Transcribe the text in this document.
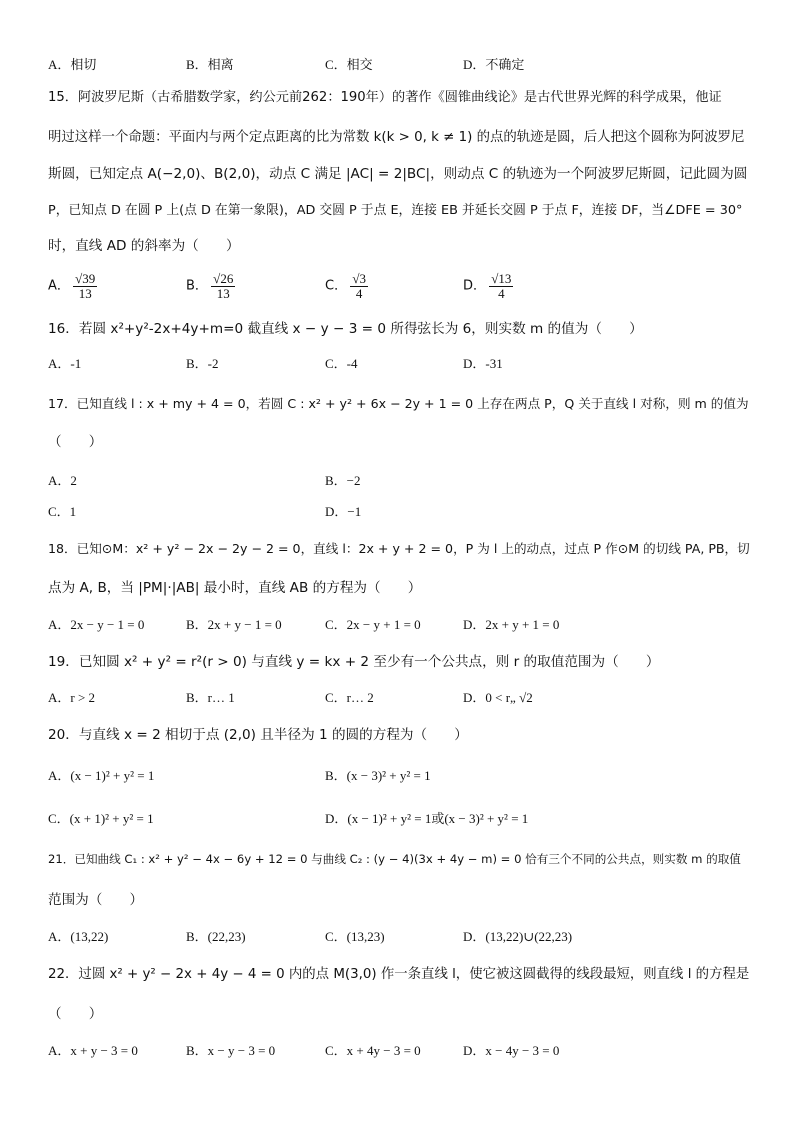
A．相切	B．相离	C．相交	D．不确定
15．阿波罗尼斯（古希腊数学家，约公元前262：190年）的著作《圆锥曲线论》是古代世界光辉的科学成果，他证
明过这样一个命题：平面内与两个定点距离的比为常数 k(k > 0, k ≠ 1) 的点的轨迹是圆，后人把这个圆称为阿波罗尼
斯圆，已知定点 A(−2,0)、B(2,0)，动点 C 满足 |AC| = 2|BC|，则动点 C 的轨迹为一个阿波罗尼斯圆，记此圆为圆
P，已知点 D 在圆 P 上(点 D 在第一象限)，AD 交圆 P 于点 E，连接 EB 并延长交圆 P 于点 F，连接 DF，当∠DFE = 30°
时，直线 AD 的斜率为（　　）
A． √ $\frac{39}{13}$	B． √ $\frac{26}{13}$	C． √ $\frac{3}{4}$	D． √ $\frac{13}{4}$
16．若圆 x²+y²-2x+4y+m=0 截直线 x − y − 3 = 0 所得弦长为 6，则实数 m 的值为（　　）
A．-1	B．-2	C．-4	D．-31
17．已知直线 l : x + my + 4 = 0，若圆 C : x² + y² + 6x − 2y + 1 = 0 上存在两点 P，Q 关于直线 l 对称，则 m 的值为
（　　）
A．2	B．−2
C．1	D．−1
18．已知⊙M：x² + y² − 2x − 2y − 2 = 0，直线 l：2x + y + 2 = 0，P 为 l 上的动点，过点 P 作⊙M 的切线 PA, PB，切
点为 A, B，当 |PM|·|AB| 最小时，直线 AB 的方程为（　　）
A．2x − y − 1 = 0	B．2x + y − 1 = 0	C．2x − y + 1 = 0	D．2x + y + 1 = 0
19．已知圆 x² + y² = r²(r > 0) 与直线 y = kx + 2 至少有一个公共点，则 r 的取值范围为（　　）
A．r > 2	B．r… 1	C．r… 2	D．0 < r„ √2
20．与直线 x = 2 相切于点 (2,0) 且半径为 1 的圆的方程为（　　）
A．(x − 1)² + y² = 1	B．(x − 3)² + y² = 1
C．(x + 1)² + y² = 1	D．(x − 1)² + y² = 1或(x − 3)² + y² = 1
21．已知曲线 C₁ : x² + y² − 4x − 6y + 12 = 0 与曲线 C₂ : (y − 4)(3x + 4y − m) = 0 恰有三个不同的公共点，则实数 m 的取值
范围为（　　）
A．(13,22)	B．(22,23)	C．(13,23)	D．(13,22)∪(22,23)
22．过圆 x² + y² − 2x + 4y − 4 = 0 内的点 M(3,0) 作一条直线 l，使它被这圆截得的线段最短，则直线 l 的方程是
（　　）
A．x + y − 3 = 0	B．x − y − 3 = 0	C．x + 4y − 3 = 0	D．x − 4y − 3 = 0
